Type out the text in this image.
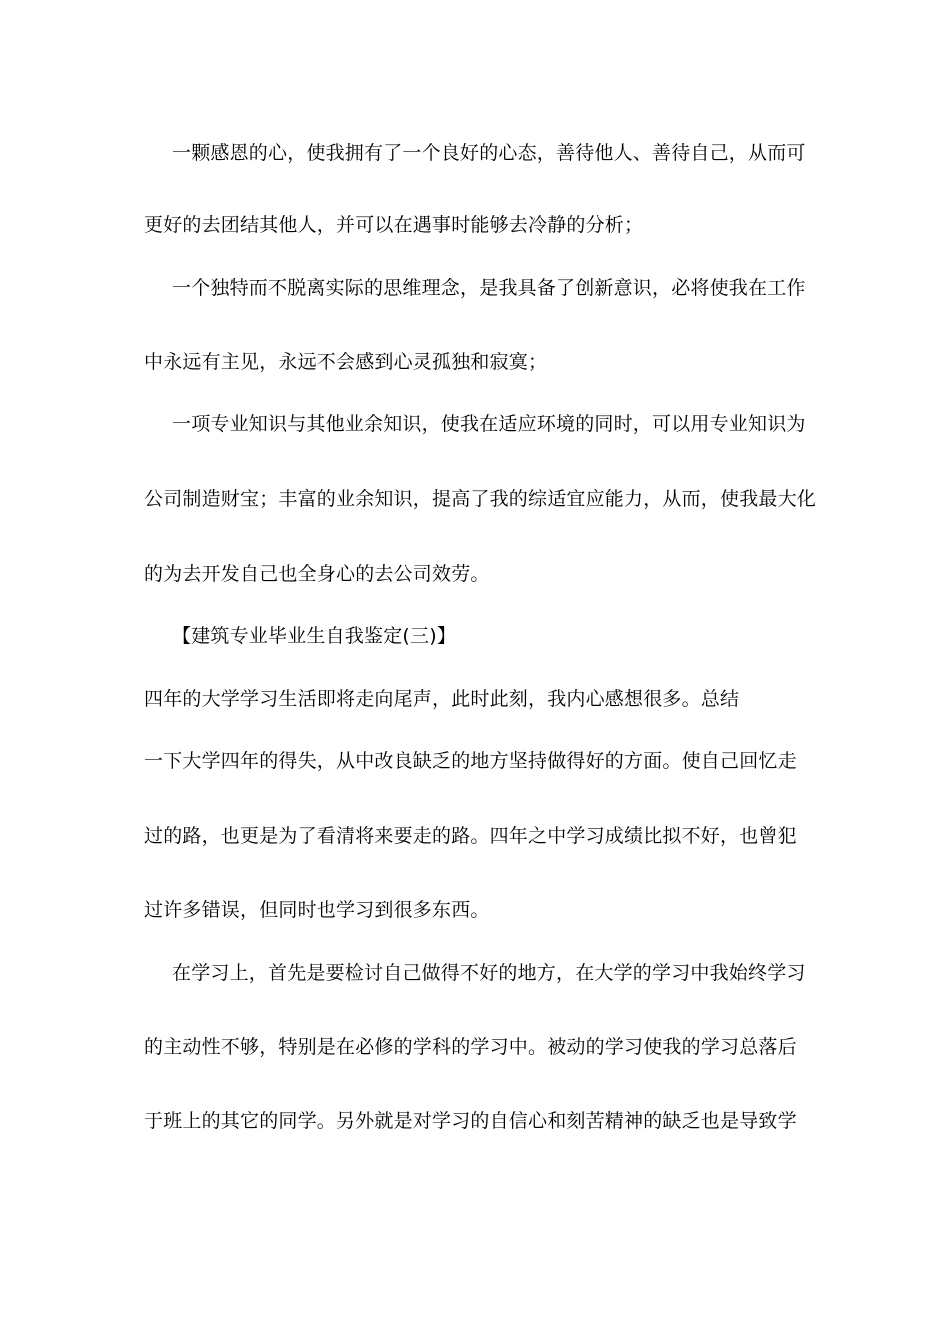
一颗感恩的心，使我拥有了一个良好的心态，善待他人、善待自己，从而可
更好的去团结其他人，并可以在遇事时能够去冷静的分析；
一个独特而不脱离实际的思维理念，是我具备了创新意识，必将使我在工作
中永远有主见，永远不会感到心灵孤独和寂寞；
一项专业知识与其他业余知识，使我在适应环境的同时，可以用专业知识为
公司制造财宝；丰富的业余知识，提高了我的综适宜应能力，从而，使我最大化
的为去开发自己也全身心的去公司效劳。
【建筑专业毕业生自我鉴定(三)】
四年的大学学习生活即将走向尾声，此时此刻，我内心感想很多。总结
一下大学四年的得失，从中改良缺乏的地方坚持做得好的方面。使自己回忆走
过的路，也更是为了看清将来要走的路。四年之中学习成绩比拟不好，也曾犯
过许多错误，但同时也学习到很多东西。
在学习上，首先是要检讨自己做得不好的地方，在大学的学习中我始终学习
的主动性不够，特别是在必修的学科的学习中。被动的学习使我的学习总落后
于班上的其它的同学。另外就是对学习的自信心和刻苦精神的缺乏也是导致学
